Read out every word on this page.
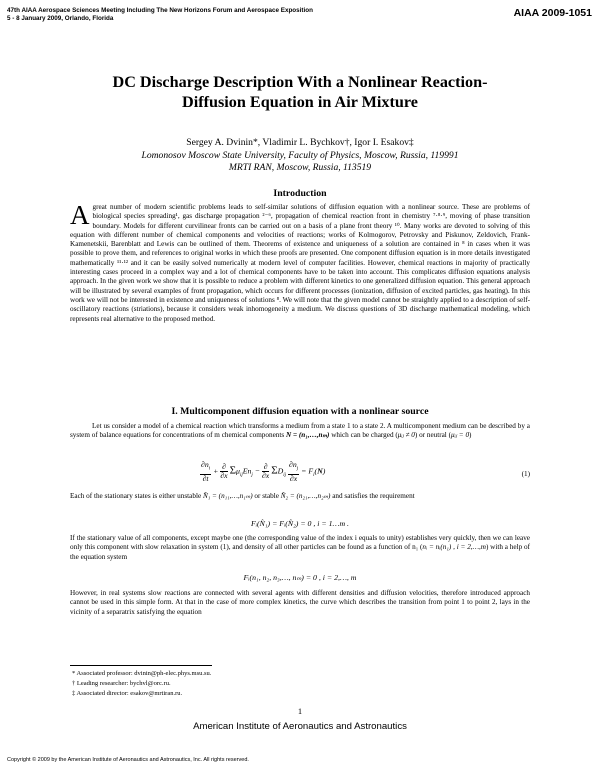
47th AIAA Aerospace Sciences Meeting Including The New Horizons Forum and Aerospace Exposition
5 - 8 January 2009, Orlando, Florida	AIAA 2009-1051
DC Discharge Description With a Nonlinear Reaction-
Diffusion Equation in Air Mixture
Sergey A. Dvinin*, Vladimir L. Bychkov†, Igor I. Esakov‡
Lomonosov Moscow State University, Faculty of Physics, Moscow, Russia, 119991
MRTI RAN, Moscow, Russia, 113519
Introduction
Agreat number of modern scientific problems leads to self-similar solutions of diffusion equation with a nonlinear source. These are problems of biological species spreading¹, gas discharge propagation ²⁻⁶, propagation of chemical reaction front in chemistry ⁷·⁸·⁹, moving of phase transition boundary. Models for different curvilinear fronts can be carried out on a basis of a plane front theory ¹⁰. Many works are devoted to solving of this equation with different number of chemical components and velocities of reactions; works of Kolmogorov, Petrovsky and Piskunov, Zeldovich, Frank-Kamenetskii, Barenblatt and Lewis can be outlined of them. Theorems of existence and uniqueness of a solution are contained in ⁸ in cases when it was possible to prove them, and references to original works in which these proofs are presented. One component diffusion equation is in more details investigated mathematically ¹¹·¹² and it can be easily solved numerically at modern level of computer facilities. However, chemical reactions in majority of practically interesting cases proceed in a complex way and a lot of chemical components have to be taken into account. This complicates diffusion equations analysis approach. In the given work we show that it is possible to reduce a problem with different kinetics to one generalized diffusion equation. This general approach will be illustrated by several examples of front propagation, which occurs for different processes (ionization, diffusion of excited particles, gas heating). In this work we will not be interested in existence and uniqueness of solutions ⁸. We will note that the given model cannot be straightly applied to a description of self-oscillatory reactions (striations), because it considers weak inhomogeneity a medium. We discuss questions of 3D discharge mathematical modeling, which represents real alternative to the proposed method.
I. Multicomponent diffusion equation with a nonlinear source
Let us consider a model of a chemical reaction which transforms a medium from a state 1 to a state 2. A multicomponent medium can be described by a system of balance equations for concentrations of m chemical components N = (n₁,…,nₘ) which can be charged (μᵢⱼ ≠ 0) or neutral (μᵢⱼ = 0)
$\frac{\partial n_i}{\partial t} + \frac{\partial}{\partial x} \Sigma\mu_{ij}En_j - \frac{\partial}{\partial x} \Sigma D_{ij} \frac{\partial n_j}{\partial x} = F_i(N)$	(1)
Each of the stationary states is either unstable N̂₁ = (n₁₁,…,n₁ₘ) or stable N̂₂ = (n₂₁,…,n₂ₘ) and satisfies the requirement
Fᵢ(N̂₁) = Fᵢ(N̂₂) = 0 , i = 1…m .
If the stationary value of all components, except maybe one (the corresponding value of the index i equals to unity) establishes very quickly, then we can leave only this component with slow relaxation in system (1), and density of all other particles can be found as a function of n₁ (nᵢ = nᵢ(n₁) , i = 2,…,m) with a help of the equation system
Fᵢ(n₁, n₂, n₃,…, nₘ) = 0 , i = 2,…, m
However, in real systems slow reactions are connected with several agents with different densities and diffusion velocities, therefore introduced approach cannot be used in this simple form. At that in the case of more complex kinetics, the curve which describes the transition from point 1 to point 2, lays in the vicinity of a separatrix satisfying the equation
* Associated professor: dvinin@ph-elec.phys.msu.su.
† Leading researcher: bychvl@orc.ru.
‡ Associated director: esakov@mrtiran.ru.
1
American Institute of Aeronautics and Astronautics
Copyright © 2009 by the American Institute of Aeronautics and Astronautics, Inc. All rights reserved.
